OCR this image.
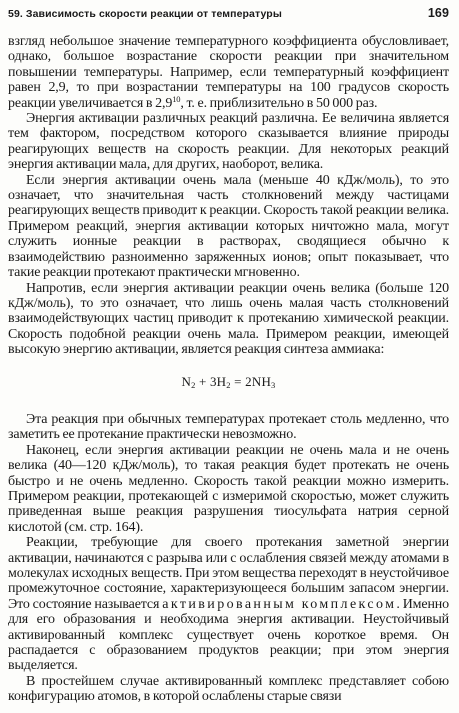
59. Зависимость скорости реакции от температуры	169

взгляд небольшое значение температурного коэффициента обусловливает, однако, большое возрастание скорости реакции при значительном повышении температуры. Например, если температурный коэффициент равен 2,9, то при возрастании температуры на 100 градусов скорость реакции увеличивается в $2,9^{10}$, т. е. приблизительно в 50 000 раз.

Энергия активации различных реакций различна. Ее величина является тем фактором, посредством которого сказывается влияние природы реагирующих веществ на скорость реакции. Для некоторых реакций энергия активации мала, для других, наоборот, велика.

Если энергия активации очень мала (меньше 40 кДж/моль), то это означает, что значительная часть столкновений между частицами реагирующих веществ приводит к реакции. Скорость такой реакции велика. Примером реакций, энергия активации которых ничтожно мала, могут служить ионные реакции в растворах, сводящиеся обычно к взаимодействию разноименно заряженных ионов; опыт показывает, что такие реакции протекают практически мгновенно.

Напротив, если энергия активации реакции очень велика (больше 120 кДж/моль), то это означает, что лишь очень малая часть столкновений взаимодействующих частиц приводит к протеканию химической реакции. Скорость подобной реакции очень мала. Примером реакции, имеющей высокую энергию активации, является реакция синтеза аммиака:

$N_2 + 3H_2 = 2NH_3$

Эта реакция при обычных температурах протекает столь медленно, что заметить ее протекание практически невозможно.

Наконец, если энергия активации реакции не очень мала и не очень велика (40—120 кДж/моль), то такая реакция будет протекать не очень быстро и не очень медленно. Скорость такой реакции можно измерить. Примером реакции, протекающей с измеримой скоростью, может служить приведенная выше реакция разрушения тиосульфата натрия серной кислотой (см. стр. 164).

Реакции, требующие для своего протекания заметной энергии активации, начинаются с разрыва или с ослабления связей между атомами в молекулах исходных веществ. При этом вещества переходят в неустойчивое промежуточное состояние, характеризующееся большим запасом энергии. Это состояние называется активированным комплексом. Именно для его образования и необходима энергия активации. Неустойчивый активированный комплекс существует очень короткое время. Он распадается с образованием продуктов реакции; при этом энергия выделяется.

В простейшем случае активированный комплекс представляет собою конфигурацию атомов, в которой ослаблены старые связи
